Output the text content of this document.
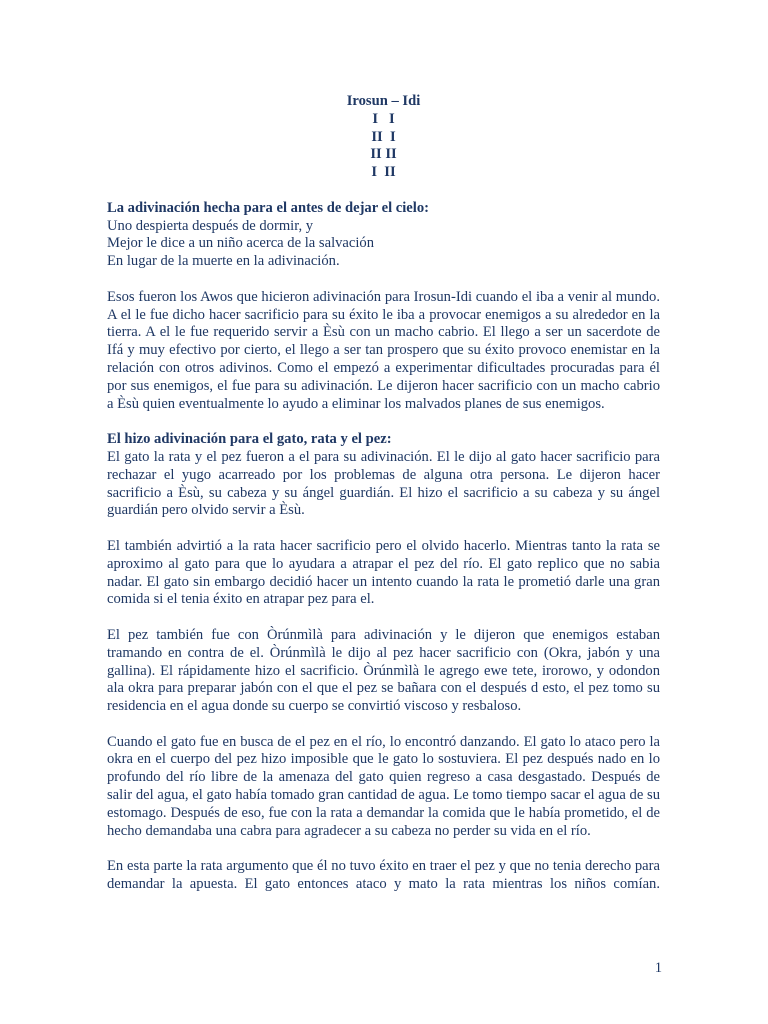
Irosun – Idi
I   I
II  I
II II
I  II
La adivinación hecha para el antes de dejar el cielo:
Uno despierta después de dormir, y
Mejor le dice a un niño acerca de la salvación
En lugar de la muerte en la adivinación.

Esos fueron los Awos que hicieron adivinación para Irosun-Idi cuando el iba a venir al mundo. A el le fue dicho hacer sacrificio para su éxito le iba a provocar enemigos a su alrededor en la tierra. A el le fue requerido servir a Èsù con un macho cabrio. El llego a ser un sacerdote de Ifá y muy efectivo por cierto, el llego a ser tan prospero que su éxito provoco enemistar en la relación con otros adivinos. Como el empezó a experimentar dificultades procuradas para él por sus enemigos, el fue para su adivinación. Le dijeron hacer sacrificio con un macho cabrio a Èsù quien eventualmente lo ayudo a eliminar los malvados planes de sus enemigos.

El hizo adivinación para el gato, rata y el pez:
El gato la rata y el pez fueron a el para su adivinación. El le dijo al gato hacer sacrificio para rechazar el yugo acarreado por los problemas de alguna otra persona. Le dijeron hacer sacrificio a Èsù, su cabeza y su ángel guardián. El hizo el sacrificio a su cabeza y su ángel guardián pero olvido servir a Èsù.

El también advirtió a la rata hacer sacrificio pero el olvido hacerlo. Mientras tanto la rata se aproximo al gato para que lo ayudara a atrapar el pez del río. El gato replico que no sabia nadar. El gato sin embargo decidió hacer un intento cuando la rata le prometió darle una gran comida si el tenia éxito en atrapar pez para el.

El pez también fue con Òrúnmìlà para adivinación y le dijeron que enemigos estaban tramando en contra de el. Òrúnmìlà le dijo al pez hacer sacrificio con (Okra, jabón y una gallina). El rápidamente hizo el sacrificio. Òrúnmìlà le agrego ewe tete, irorowo, y odondon ala okra para preparar jabón con el que el pez se bañara con el después d esto, el pez tomo su residencia en el agua donde su cuerpo se convirtió viscoso y resbaloso.

Cuando el gato fue en busca de el pez en el río, lo encontró danzando. El gato lo ataco pero la okra en el cuerpo del pez hizo imposible que le gato lo sostuviera. El pez después nado en lo profundo del río libre de la amenaza del gato quien regreso a casa desgastado. Después de salir del agua, el gato había tomado gran cantidad de agua. Le tomo tiempo sacar el agua de su estomago. Después de eso, fue con la rata a demandar la comida que le había prometido, el de hecho demandaba una cabra para agradecer a su cabeza no perder su vida en el río.

En esta parte la rata argumento que él no tuvo éxito en traer el pez y que no tenia derecho para demandar la apuesta. El gato entonces ataco y mato la rata mientras los niños comían.

1
